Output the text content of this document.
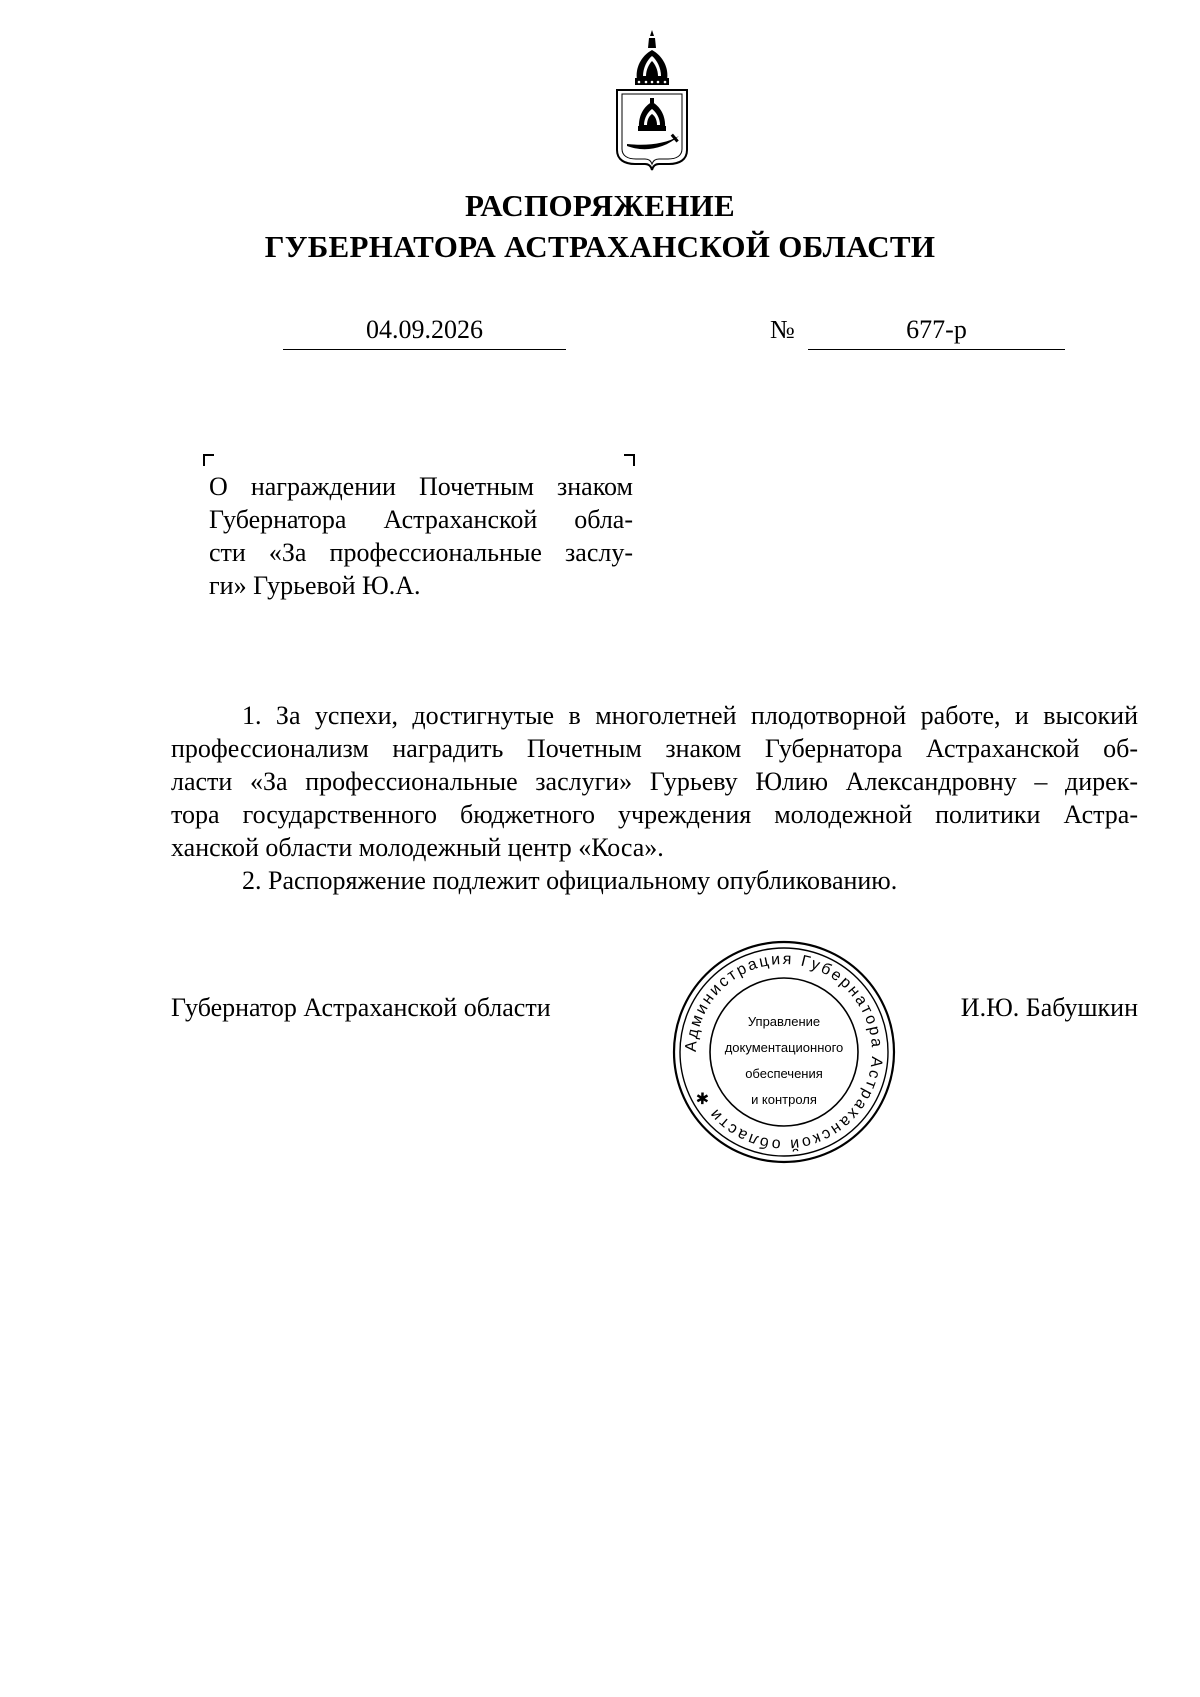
РАСПОРЯЖЕНИЕ
ГУБЕРНАТОРА АСТРАХАНСКОЙ ОБЛАСТИ
04.09.2026	№	677-р
О награждении Почетным знаком
Губернатора Астраханской обла-
сти «За профессиональные заслу-
ги» Гурьевой Ю.А.
1. За успехи, достигнутые в многолетней плодотворной работе, и высокий
профессионализм наградить Почетным знаком Губернатора Астраханской об-
ласти «За профессиональные заслуги» Гурьеву Юлию Александровну – дирек-
тора государственного бюджетного учреждения молодежной политики Астра-
ханской области молодежный центр «Коса».
2. Распоряжение подлежит официальному опубликованию.
Губернатор Астраханской области	И.Ю. Бабушкин
Администрация Губернатора Астраханской области ✱
Управление
документационного
обеспечения
и контроля
